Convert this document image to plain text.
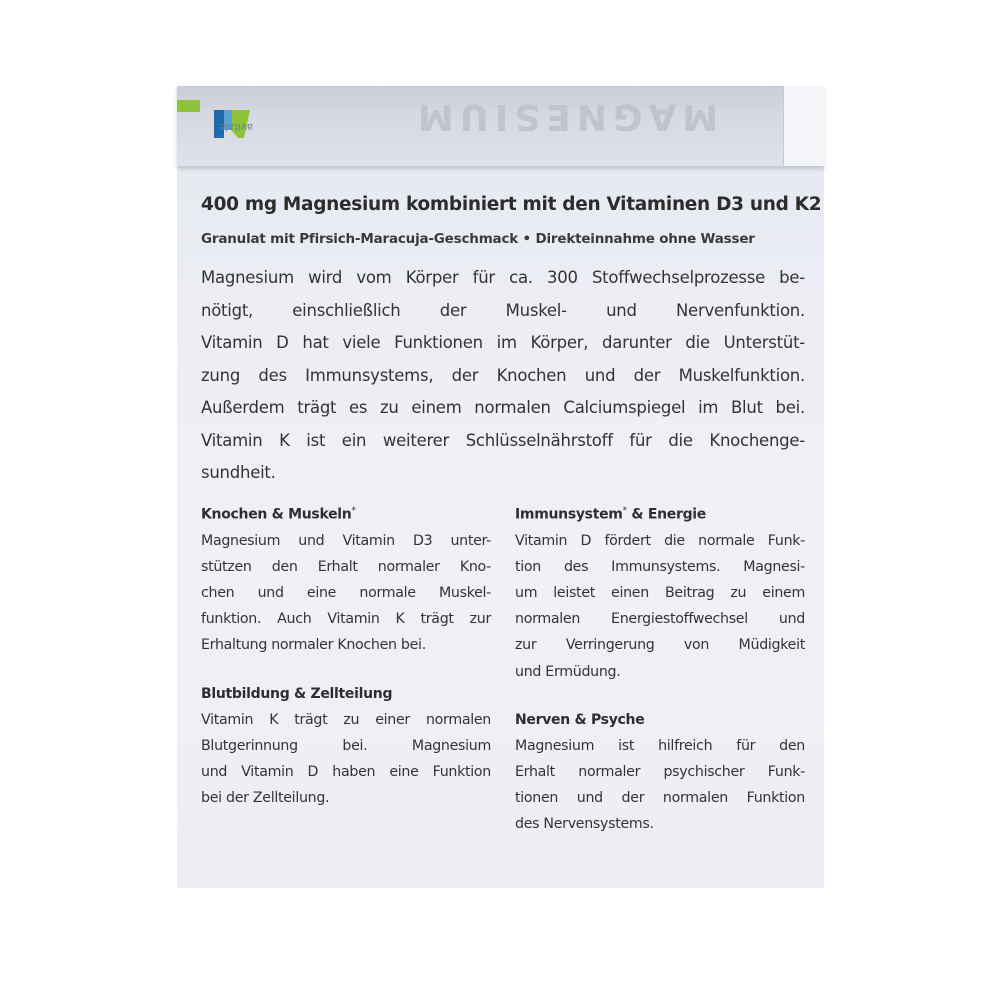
MAGNESIUM
avitale
400 mg Magnesium kombiniert mit den Vitaminen D3 und K2
Granulat mit Pfirsich-Maracuja-Geschmack • Direkteinnahme ohne Wasser
Magnesium wird vom Körper für ca. 300 Stoffwechselprozesse be-
nötigt, einschließlich der Muskel- und Nervenfunktion.
Vitamin D hat viele Funktionen im Körper, darunter die Unterstüt-
zung des Immunsystems, der Knochen und der Muskelfunktion.
Außerdem trägt es zu einem normalen Calciumspiegel im Blut bei.
Vitamin K ist ein weiterer Schlüsselnährstoff für die Knochenge-
sundheit.
Knochen & Muskeln*
Magnesium und Vitamin D3 unter-
stützen den Erhalt normaler Kno-
chen und eine normale Muskel-
funktion. Auch Vitamin K trägt zur
Erhaltung normaler Knochen bei.
Blutbildung & Zellteilung
Vitamin K trägt zu einer normalen
Blutgerinnung bei. Magnesium
und Vitamin D haben eine Funktion
bei der Zellteilung.
Immunsystem* & Energie
Vitamin D fördert die normale Funk-
tion des Immunsystems. Magnesi-
um leistet einen Beitrag zu einem
normalen Energiestoffwechsel und
zur Verringerung von Müdigkeit
und Ermüdung.
Nerven & Psyche
Magnesium ist hilfreich für den
Erhalt normaler psychischer Funk-
tionen und der normalen Funktion
des Nervensystems.
